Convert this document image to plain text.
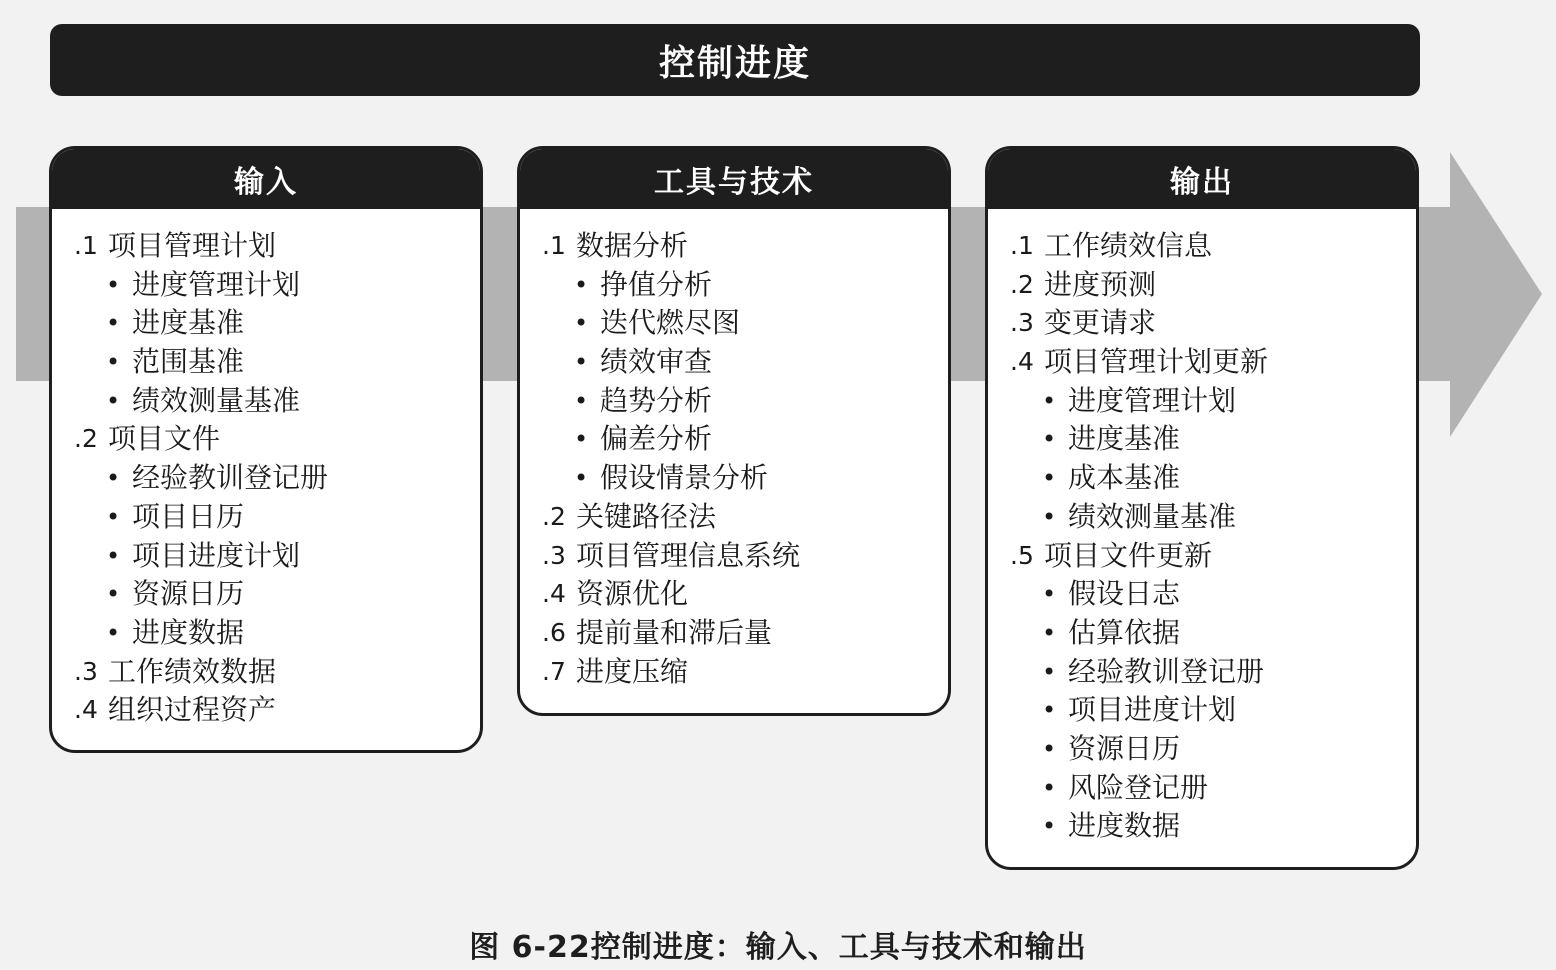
控制进度
输入
.1 项目管理计划
• 进度管理计划
• 进度基准
• 范围基准
• 绩效测量基准
.2 项目文件
• 经验教训登记册
• 项目日历
• 项目进度计划
• 资源日历
• 进度数据
.3 工作绩效数据
.4 组织过程资产
工具与技术
.1 数据分析
• 挣值分析
• 迭代燃尽图
• 绩效审查
• 趋势分析
• 偏差分析
• 假设情景分析
.2 关键路径法
.3 项目管理信息系统
.4 资源优化
.6 提前量和滞后量
.7 进度压缩
输出
.1 工作绩效信息
.2 进度预测
.3 变更请求
.4 项目管理计划更新
• 进度管理计划
• 进度基准
• 成本基准
• 绩效测量基准
.5 项目文件更新
• 假设日志
• 估算依据
• 经验教训登记册
• 项目进度计划
• 资源日历
• 风险登记册
• 进度数据
图 6-22控制进度：输入、工具与技术和输出
